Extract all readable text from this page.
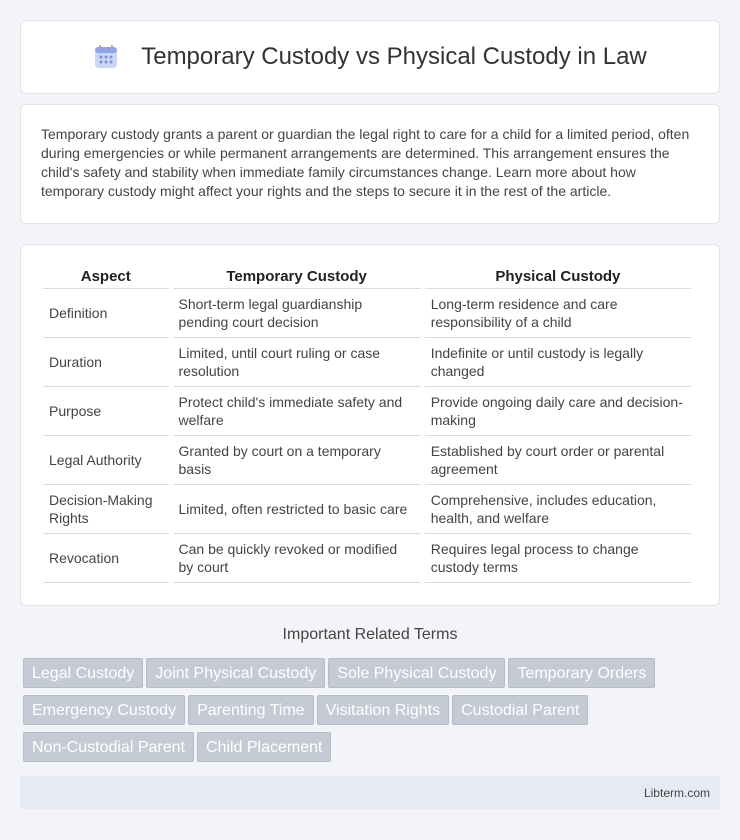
Temporary Custody vs Physical Custody in Law

Temporary custody grants a parent or guardian the legal right to care for a child for a limited period, often during emergencies or while permanent arrangements are determined. This arrangement ensures the child's safety and stability when immediate family circumstances change. Learn more about how temporary custody might affect your rights and the steps to secure it in the rest of the article.

Aspect	Temporary Custody	Physical Custody
Definition	Short-term legal guardianship pending court decision	Long-term residence and care responsibility of a child
Duration	Limited, until court ruling or case resolution	Indefinite or until custody is legally changed
Purpose	Protect child's immediate safety and welfare	Provide ongoing daily care and decision-making
Legal Authority	Granted by court on a temporary basis	Established by court order or parental agreement
Decision-Making Rights	Limited, often restricted to basic care	Comprehensive, includes education, health, and welfare
Revocation	Can be quickly revoked or modified by court	Requires legal process to change custody terms
Important Related Terms
Legal Custody Joint Physical Custody Sole Physical Custody Temporary OrdersEmergency Custody Parenting Time Visitation Rights Custodial ParentNon-Custodial Parent Child Placement
Libterm.com
